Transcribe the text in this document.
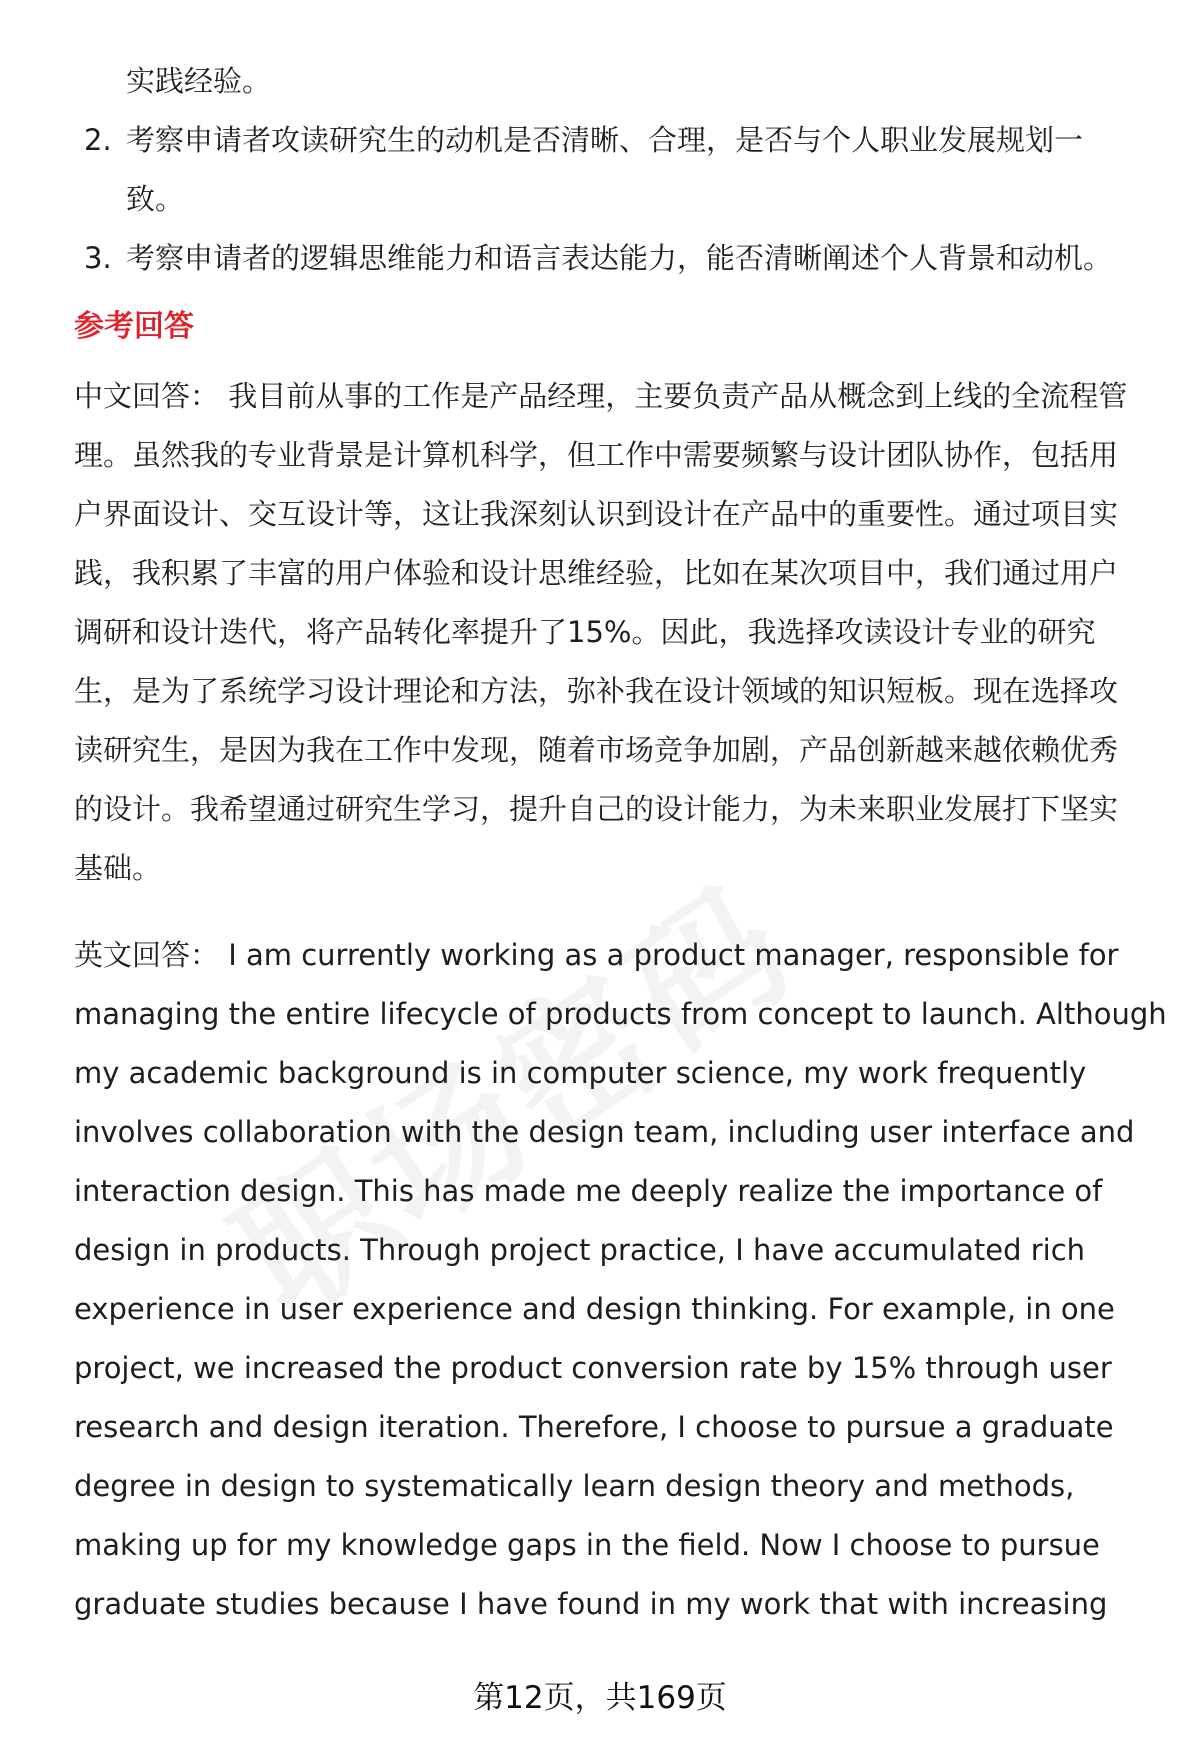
实践经验。
2. 考察申请者攻读研究生的动机是否清晰、合理，是否与个人职业发展规划一
致。
3. 考察申请者的逻辑思维能力和语言表达能力，能否清晰阐述个人背景和动机。
参考回答
中文回答： 我目前从事的工作是产品经理，主要负责产品从概念到上线的全流程管
理。虽然我的专业背景是计算机科学，但工作中需要频繁与设计团队协作，包括用
户界面设计、交互设计等，这让我深刻认识到设计在产品中的重要性。通过项目实
践，我积累了丰富的用户体验和设计思维经验，比如在某次项目中，我们通过用户
调研和设计迭代，将产品转化率提升了15%。因此，我选择攻读设计专业的研究
生，是为了系统学习设计理论和方法，弥补我在设计领域的知识短板。现在选择攻
读研究生，是因为我在工作中发现，随着市场竞争加剧，产品创新越来越依赖优秀
的设计。我希望通过研究生学习，提升自己的设计能力，为未来职业发展打下坚实
基础。
英文回答： I am currently working as a product manager, responsible for
managing the entire lifecycle of products from concept to launch. Although
my academic background is in computer science, my work frequently
involves collaboration with the design team, including user interface and
interaction design. This has made me deeply realize the importance of
design in products. Through project practice, I have accumulated rich
experience in user experience and design thinking. For example, in one
project, we increased the product conversion rate by 15% through user
research and design iteration. Therefore, I choose to pursue a graduate
degree in design to systematically learn design theory and methods,
making up for my knowledge gaps in the field. Now I choose to pursue
graduate studies because I have found in my work that with increasing
第12页，共169页
